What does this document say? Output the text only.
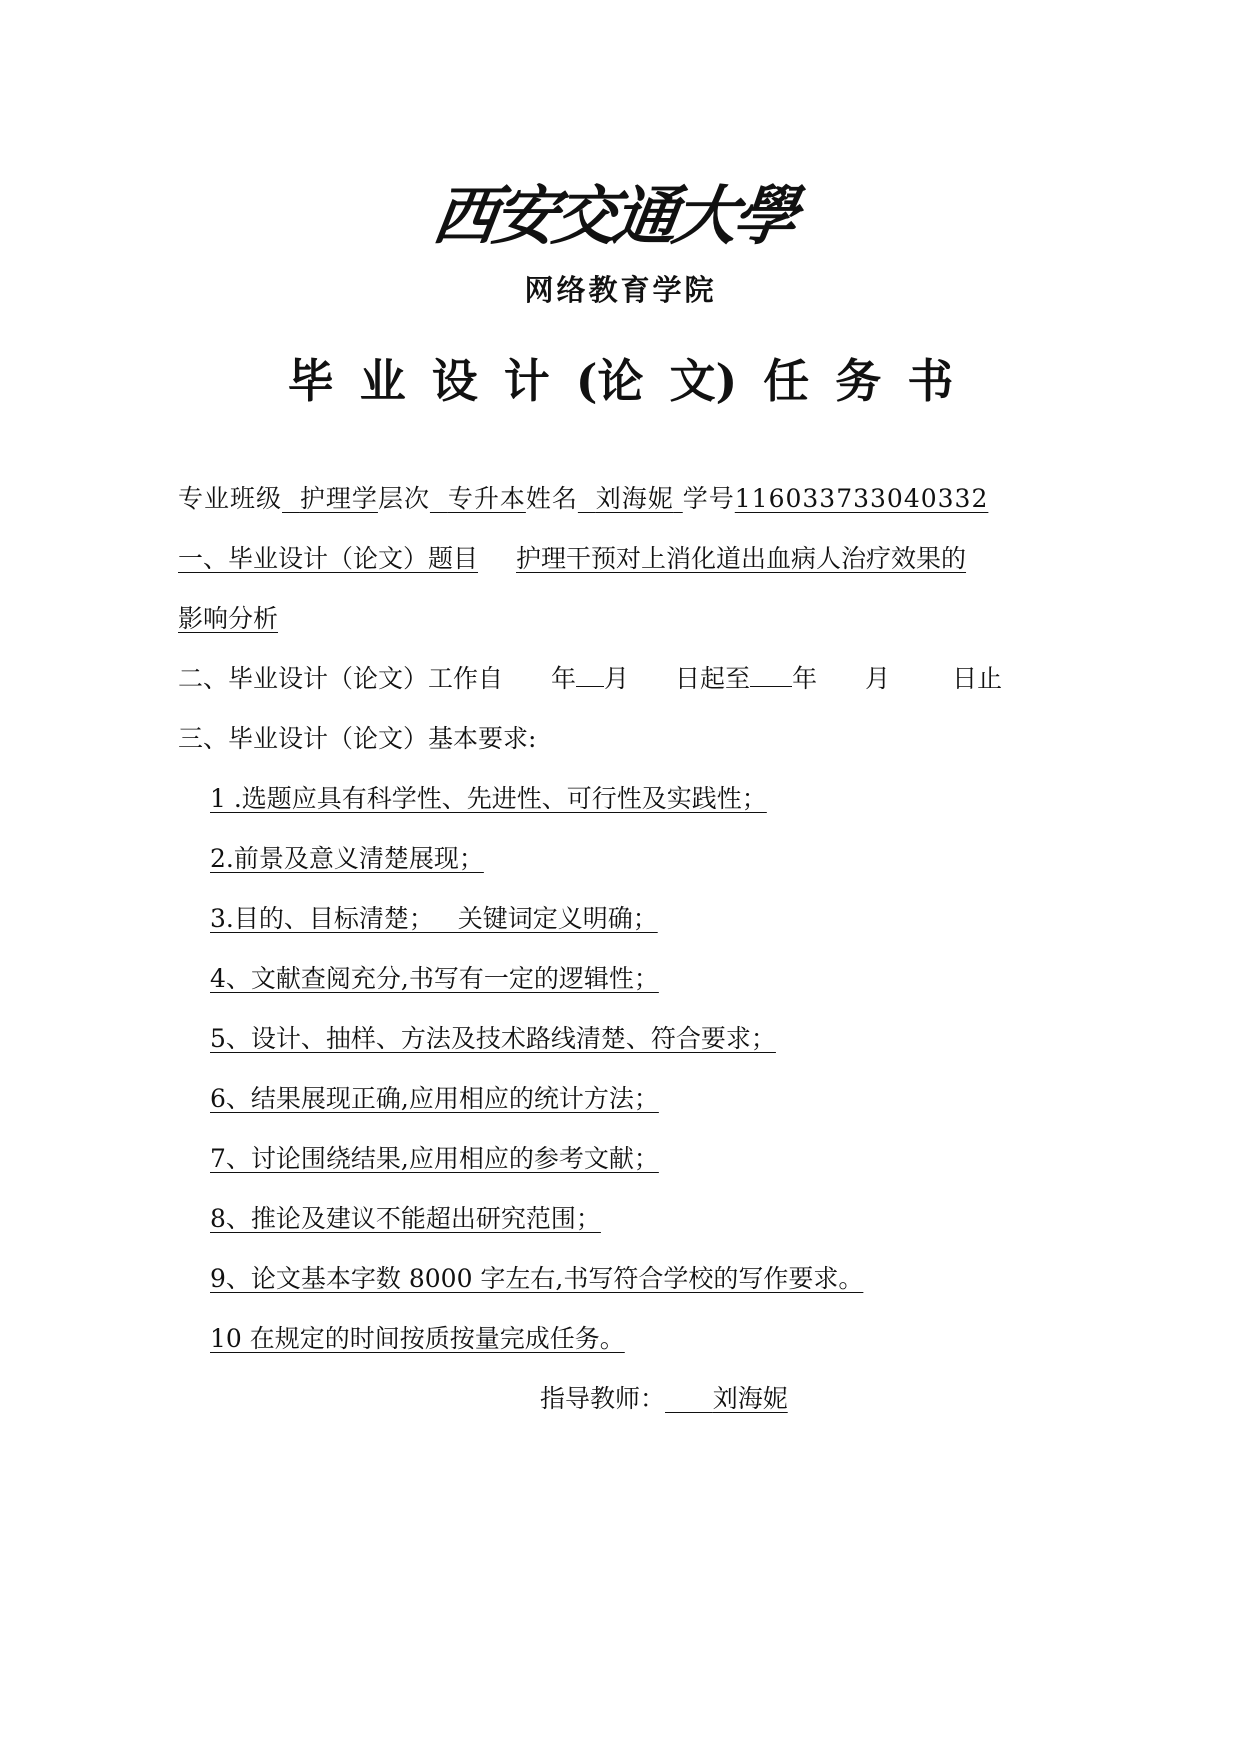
西安交通大學
网络教育学院
毕 业 设 计 (论 文) 任 务 书
专业班级 护理学层次 专升本姓名 刘海妮 学号116033733040332
一、毕业设计（论文）题目 护理干预对上消化道出血病人治疗效果的
影响分析
二、毕业设计（论文）工作自 年 月 日起至 年 月 日止
三、毕业设计（论文）基本要求:
1 .选题应具有科学性、先进性、可行性及实践性；
2.前景及意义清楚展现；
3.目的、目标清楚；   关键词定义明确；
4、文献查阅充分,书写有一定的逻辑性；
5、设计、抽样、方法及技术路线清楚、符合要求；
6、结果展现正确,应用相应的统计方法；
7、讨论围绕结果,应用相应的参考文献；
8、推论及建议不能超出研究范围；
9、论文基本字数 8000 字左右,书写符合学校的写作要求。
10 在规定的时间按质按量完成任务。
指导教师： 刘海妮
